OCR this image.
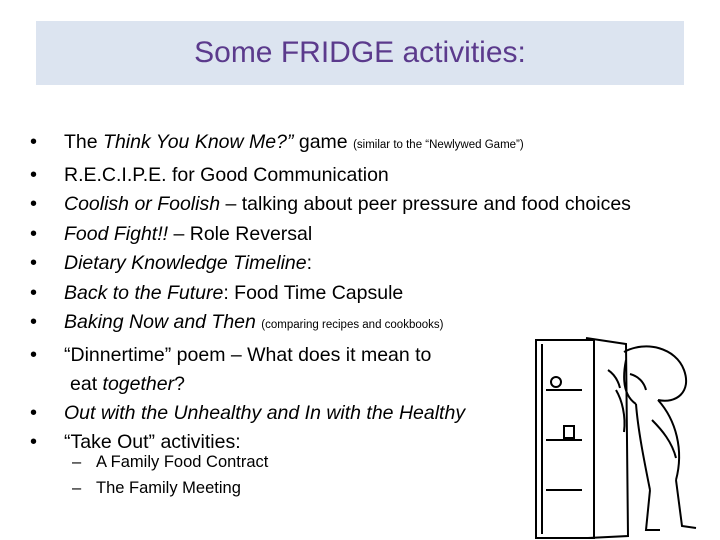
Some FRIDGE activities:
• The Think You Know Me?” game (similar to the “Newlywed Game”)
• R.E.C.I.P.E. for Good Communication
• Coolish or Foolish – talking about peer pressure and food choices
• Food Fight!! – Role Reversal
• Dietary Knowledge Timeline:
• Back to the Future: Food Time Capsule
• Baking Now and Then (comparing recipes and cookbooks)
• “Dinnertime” poem – What does it mean to
eat together?
• Out with the Unhealthy and In with the Healthy
• “Take Out” activities:
– A Family Food Contract
– The Family Meeting
